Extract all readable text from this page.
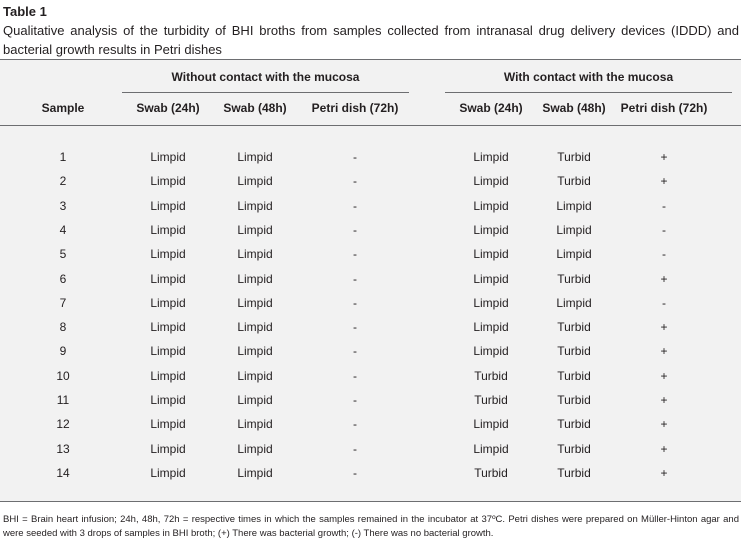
Table 1
Qualitative analysis of the turbidity of BHI broths from samples collected from intranasal drug delivery devices (IDDD) and bacterial growth results in Petri dishes
Without contact with the mucosa	With contact with the mucosa
Sample	Swab (24h)	Swab (48h)	Petri dish (72h)	Swab (24h)	Swab (48h)	Petri dish (72h)
1	Limpid	Limpid	-	Limpid	Turbid	+
2	Limpid	Limpid	-	Limpid	Turbid	+
3	Limpid	Limpid	-	Limpid	Limpid	-
4	Limpid	Limpid	-	Limpid	Limpid	-
5	Limpid	Limpid	-	Limpid	Limpid	-
6	Limpid	Limpid	-	Limpid	Turbid	+
7	Limpid	Limpid	-	Limpid	Limpid	-
8	Limpid	Limpid	-	Limpid	Turbid	+
9	Limpid	Limpid	-	Limpid	Turbid	+
10	Limpid	Limpid	-	Turbid	Turbid	+
11	Limpid	Limpid	-	Turbid	Turbid	+
12	Limpid	Limpid	-	Limpid	Turbid	+
13	Limpid	Limpid	-	Limpid	Turbid	+
14	Limpid	Limpid	-	Turbid	Turbid	+
BHI = Brain heart infusion; 24h, 48h, 72h = respective times in which the samples remained in the incubator at 37ºC. Petri dishes were prepared on Müller-Hinton agar and were seeded with 3 drops of samples in BHI broth; (+) There was bacterial growth; (-) There was no bacterial growth.
